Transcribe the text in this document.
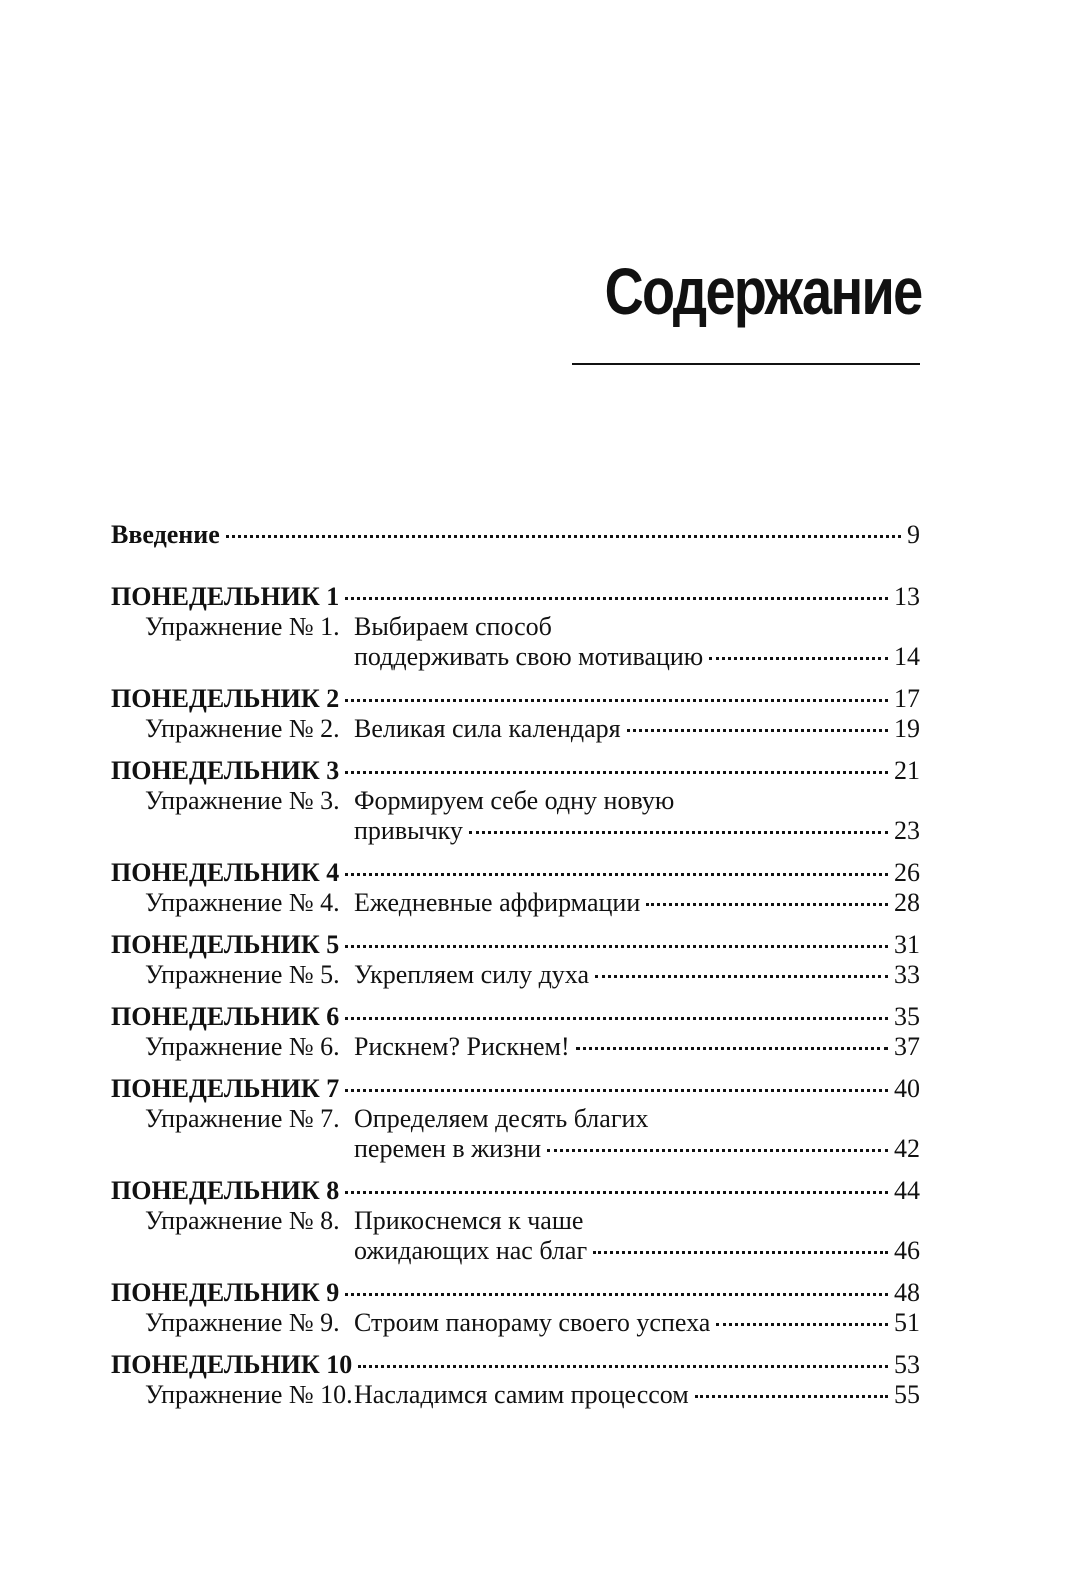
Содержание
Введение	9
ПОНЕДЕЛЬНИК 1	13
Упражнение № 1. Выбираем способ
поддерживать свою мотивацию	14
ПОНЕДЕЛЬНИК 2	17
Упражнение № 2. Великая сила календаря	19
ПОНЕДЕЛЬНИК 3	21
Упражнение № 3. Формируем себе одну новую
привычку	23
ПОНЕДЕЛЬНИК 4	26
Упражнение № 4. Ежедневные аффирмации	28
ПОНЕДЕЛЬНИК 5	31
Упражнение № 5. Укрепляем силу духа	33
ПОНЕДЕЛЬНИК 6	35
Упражнение № 6. Рискнем? Рискнем!	37
ПОНЕДЕЛЬНИК 7	40
Упражнение № 7. Определяем десять благих
перемен в жизни	42
ПОНЕДЕЛЬНИК 8	44
Упражнение № 8. Прикоснемся к чаше
ожидающих нас благ	46
ПОНЕДЕЛЬНИК 9	48
Упражнение № 9. Строим панораму своего успеха	51
ПОНЕДЕЛЬНИК 10	53
Упражнение № 10. Насладимся самим процессом	55
